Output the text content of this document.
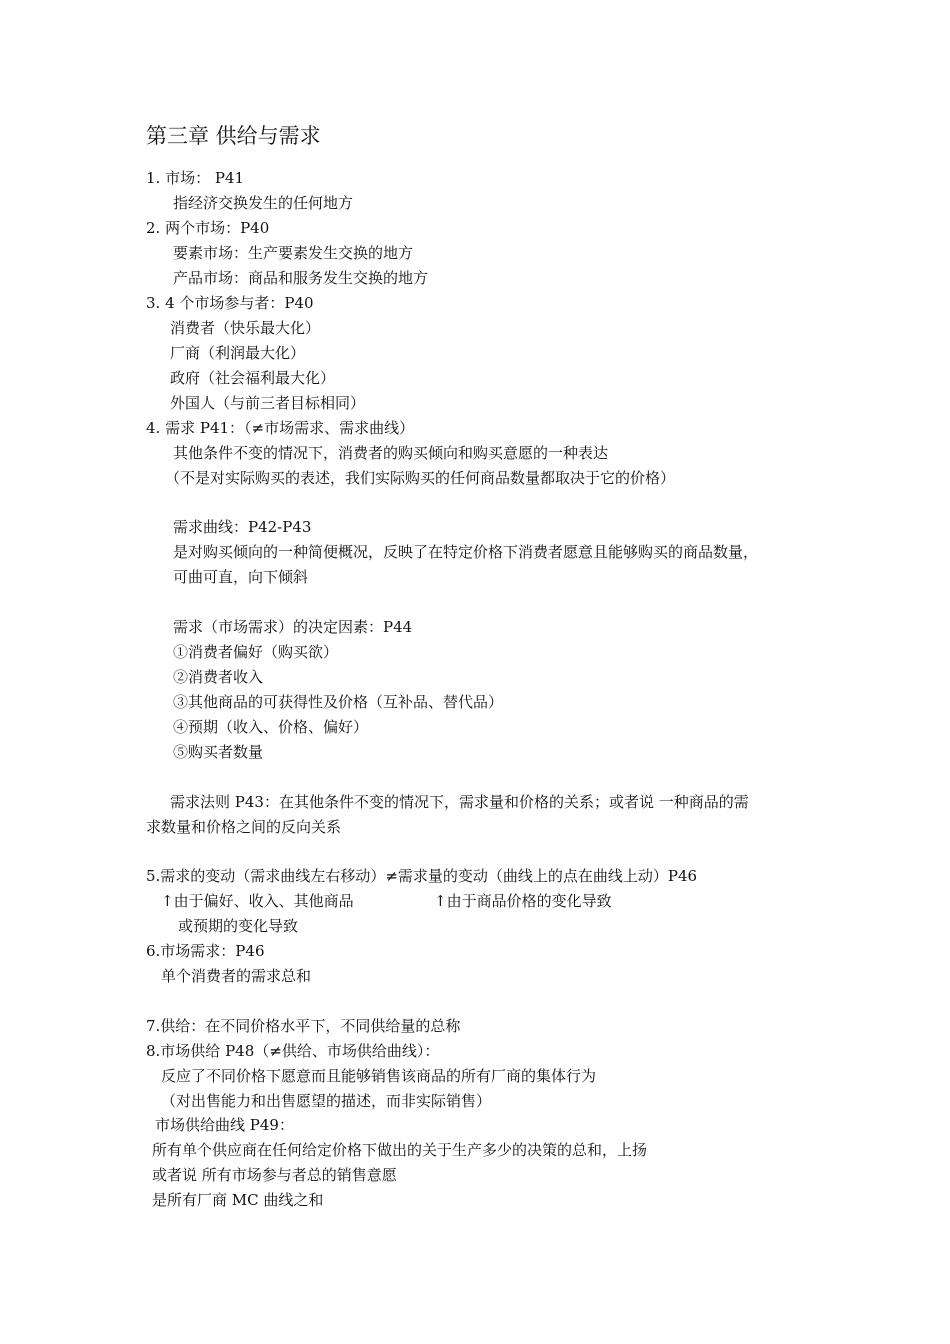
第三章 供给与需求
1. 市场： P41
指经济交换发生的任何地方
2. 两个市场：P40
要素市场：生产要素发生交换的地方
产品市场：商品和服务发生交换的地方
3. 4 个市场参与者：P40
消费者（快乐最大化）
厂商（利润最大化）
政府（社会福利最大化）
外国人（与前三者目标相同）
4. 需求 P41：（≠市场需求、需求曲线）
其他条件不变的情况下，消费者的购买倾向和购买意愿的一种表达
（不是对实际购买的表述，我们实际购买的任何商品数量都取决于它的价格）
需求曲线：P42-P43
是对购买倾向的一种简便概况，反映了在特定价格下消费者愿意且能够购买的商品数量，
可曲可直，向下倾斜
需求（市场需求）的决定因素：P44
①消费者偏好（购买欲）
②消费者收入
③其他商品的可获得性及价格（互补品、替代品）
④预期（收入、价格、偏好）
⑤购买者数量
需求法则 P43：在其他条件不变的情况下，需求量和价格的关系；或者说 一种商品的需
求数量和价格之间的反向关系
5.需求的变动（需求曲线左右移动）≠需求量的变动（曲线上的点在曲线上动）P46
↑由于偏好、收入、其他商品	↑由于商品价格的变化导致
或预期的变化导致
6.市场需求：P46
单个消费者的需求总和
7.供给：在不同价格水平下，不同供给量的总称
8.市场供给 P48（≠供给、市场供给曲线）：
反应了不同价格下愿意而且能够销售该商品的所有厂商的集体行为
（对出售能力和出售愿望的描述，而非实际销售）
市场供给曲线 P49：
所有单个供应商在任何给定价格下做出的关于生产多少的决策的总和，上扬
或者说 所有市场参与者总的销售意愿
是所有厂商 MC 曲线之和
